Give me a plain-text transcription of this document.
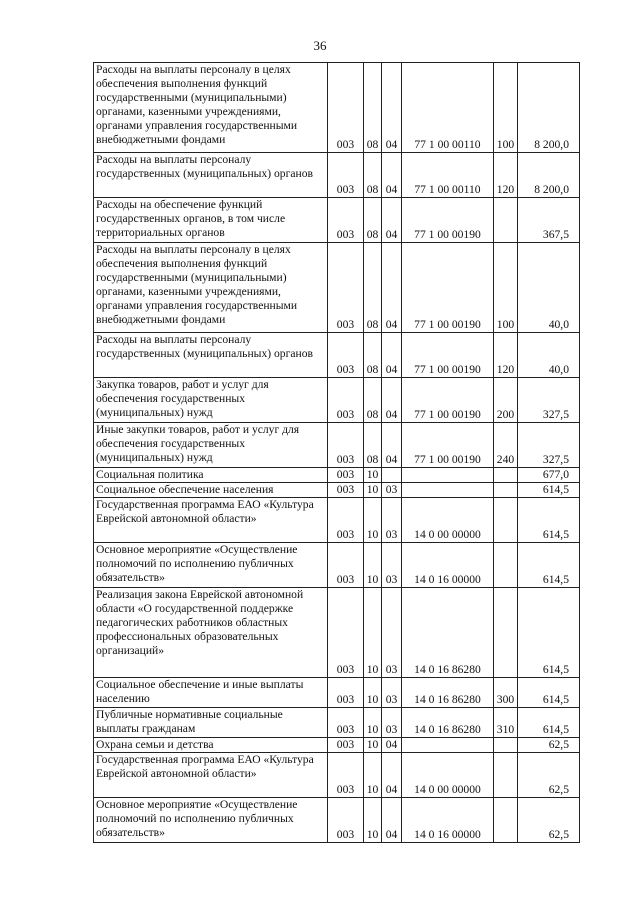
36
Расходы на выплаты персоналу в целях обеспечения выполнения функций государственными (муниципальными) органами, казенными учреждениями, органами управления государственными внебюджетными фондами	003	08	04	77 1 00 00110	100	8 200,0
Расходы на выплаты персоналу государственных (муниципальных) органов	003	08	04	77 1 00 00110	120	8 200,0
Расходы на обеспечение функций государственных органов, в том числе территориальных органов	003	08	04	77 1 00 00190		367,5
Расходы на выплаты персоналу в целях обеспечения выполнения функций государственными (муниципальными) органами, казенными учреждениями, органами управления государственными внебюджетными фондами	003	08	04	77 1 00 00190	100	40,0
Расходы на выплаты персоналу государственных (муниципальных) органов	003	08	04	77 1 00 00190	120	40,0
Закупка товаров, работ и услуг для обеспечения государственных (муниципальных) нужд	003	08	04	77 1 00 00190	200	327,5
Иные закупки товаров, работ и услуг для обеспечения государственных (муниципальных) нужд	003	08	04	77 1 00 00190	240	327,5
Социальная политика	003	10				677,0
Социальное обеспечение населения	003	10	03			614,5
Государственная программа ЕАО «Культура Еврейской автономной области»	003	10	03	14 0 00 00000		614,5
Основное мероприятие «Осуществление полномочий по исполнению публичных обязательств»	003	10	03	14 0 16 00000		614,5
Реализация закона Еврейской автономной области «О государственной поддержке педагогических работников областных профессиональных образовательных организаций»	003	10	03	14 0 16 86280		614,5
Социальное обеспечение и иные выплаты населению	003	10	03	14 0 16 86280	300	614,5
Публичные нормативные социальные выплаты гражданам	003	10	03	14 0 16 86280	310	614,5
Охрана семьи и детства	003	10	04			62,5
Государственная программа ЕАО «Культура Еврейской автономной области»	003	10	04	14 0 00 00000		62,5
Основное мероприятие «Осуществление полномочий по исполнению публичных обязательств»	003	10	04	14 0 16 00000		62,5
